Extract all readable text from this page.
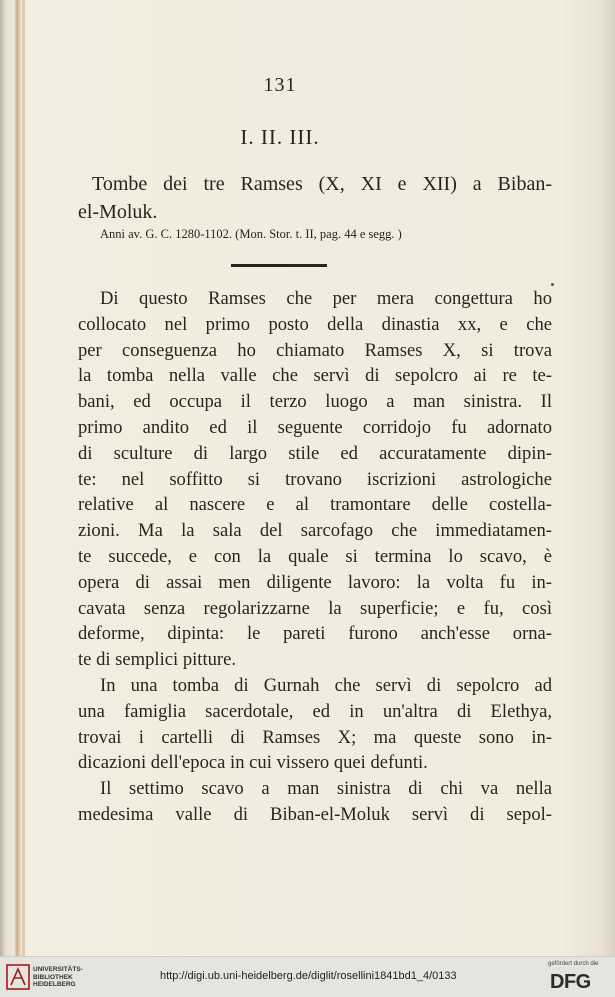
131
I. II. III.
Tombe dei tre Ramses (X, XI e XII) a Biban-
el-Moluk.
Anni av. G. C. 1280-1102. (Mon. Stor. t. II, pag. 44 e segg. )
Di questo Ramses che per mera congettura ho
collocato nel primo posto della dinastia xx, e che
per conseguenza ho chiamato Ramses X, si trova
la tomba nella valle che servì di sepolcro ai re te-
bani, ed occupa il terzo luogo a man sinistra. Il
primo andito ed il seguente corridojo fu adornato
di sculture di largo stile ed accuratamente dipin-
te: nel soffitto si trovano iscrizioni astrologiche
relative al nascere e al tramontare delle costella-
zioni. Ma la sala del sarcofago che immediatamen-
te succede, e con la quale si termina lo scavo, è
opera di assai men diligente lavoro: la volta fu in-
cavata senza regolarizzarne la superficie; e fu, così
deforme, dipinta: le pareti furono anch'esse orna-
te di semplici pitture.
In una tomba di Gurnah che servì di sepolcro ad
una famiglia sacerdotale, ed in un'altra di Elethya,
trovai i cartelli di Ramses X; ma queste sono in-
dicazioni dell'epoca in cui vissero quei defunti.
Il settimo scavo a man sinistra di chi va nella
medesima valle di Biban-el-Moluk servì di sepol-
UNIVERSITÄTS-
BIBLIOTHEK
HEIDELBERG
http://digi.ub.uni-heidelberg.de/diglit/rosellini1841bd1_4/0133
gefördert durch die
DFG
